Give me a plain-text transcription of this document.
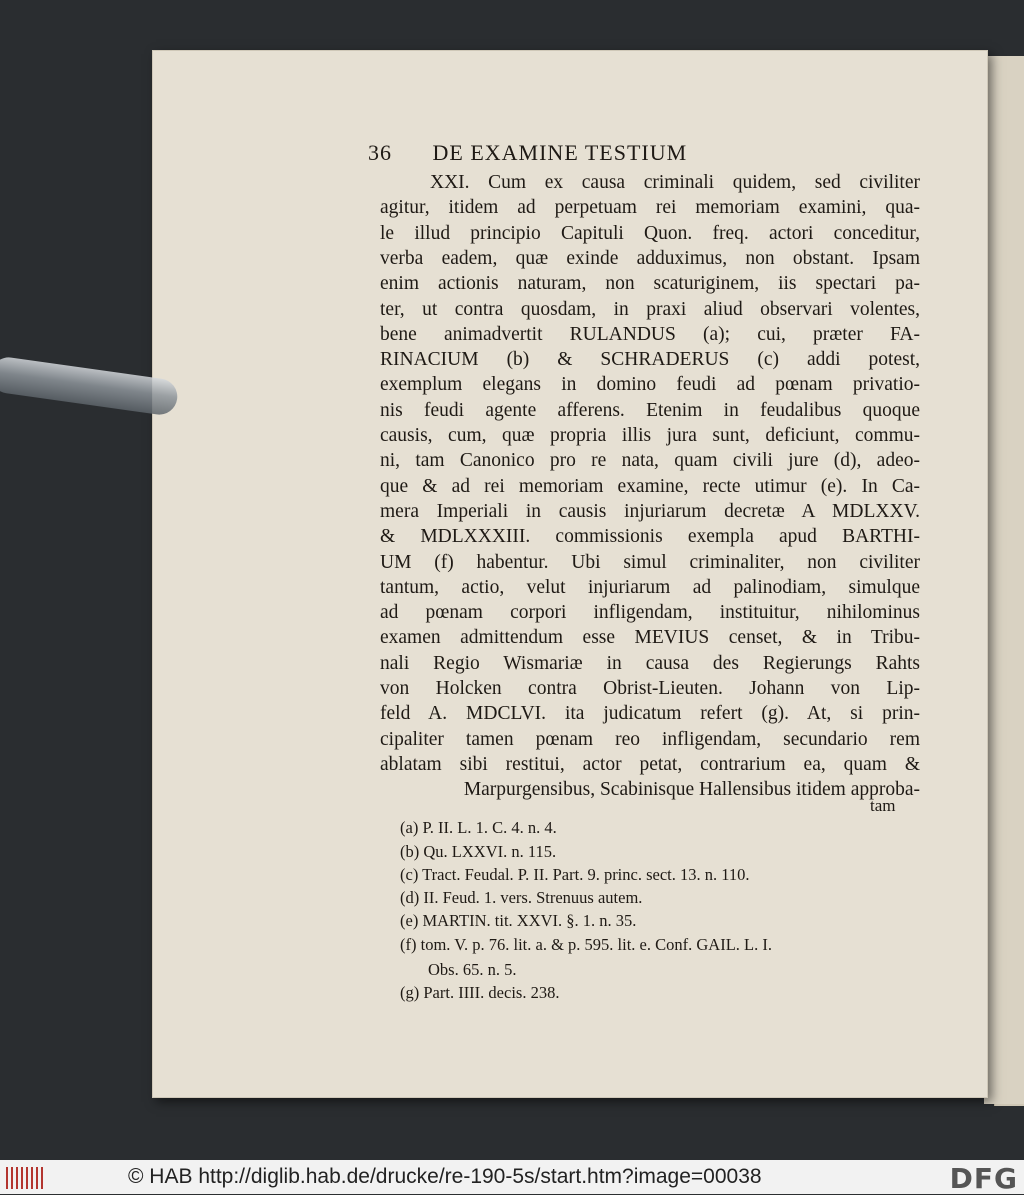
36 DE EXAMINE TESTIUM
XXI. Cum ex causa criminali quidem, sed civiliter
agitur, itidem ad perpetuam rei memoriam examini, qua-
le illud principio Capituli Quon. freq. actori conceditur,
verba eadem, quæ exinde adduximus, non obstant. Ipsam
enim actionis naturam, non scaturiginem, iis spectari pa-
ter, ut contra quosdam, in praxi aliud observari volentes,
bene animadvertit RULANDUS (a); cui, præter FA-
RINACIUM (b) & SCHRADERUS (c) addi potest,
exemplum elegans in domino feudi ad pœnam privatio-
nis feudi agente afferens. Etenim in feudalibus quoque
causis, cum, quæ propria illis jura sunt, deficiunt, commu-
ni, tam Canonico pro re nata, quam civili jure (d), adeo-
que & ad rei memoriam examine, recte utimur (e). In Ca-
mera Imperiali in causis injuriarum decretæ A MDLXXV.
& MDLXXXIII. commissionis exempla apud BARTHI-
UM (f) habentur. Ubi simul criminaliter, non civiliter
tantum, actio, velut injuriarum ad palinodiam, simulque
ad pœnam corpori infligendam, instituitur, nihilominus
examen admittendum esse MEVIUS censet, & in Tribu-
nali Regio Wismariæ in causa des Regierungs Rahts
von Holcken contra Obrist-Lieuten. Johann von Lip-
feld A. MDCLVI. ita judicatum refert (g). At, si prin-
cipaliter tamen pœnam reo infligendam, secundario rem
ablatam sibi restitui, actor petat, contrarium ea, quam &
Marpurgensibus, Scabinisque Hallensibus itidem approba-
tam
(a) P. II. L. 1. C. 4. n. 4.
(b) Qu. LXXVI. n. 115.
(c) Tract. Feudal. P. II. Part. 9. princ. sect. 13. n. 110.
(d) II. Feud. 1. vers. Strenuus autem.
(e) MARTIN. tit. XXVI. §. 1. n. 35.
(f) tom. V. p. 76. lit. a. & p. 595. lit. e. Conf. GAIL. L. I.
Obs. 65. n. 5.
(g) Part. IIII. decis. 238.
© HAB http://diglib.hab.de/drucke/re-190-5s/start.htm?image=00038	DFG
